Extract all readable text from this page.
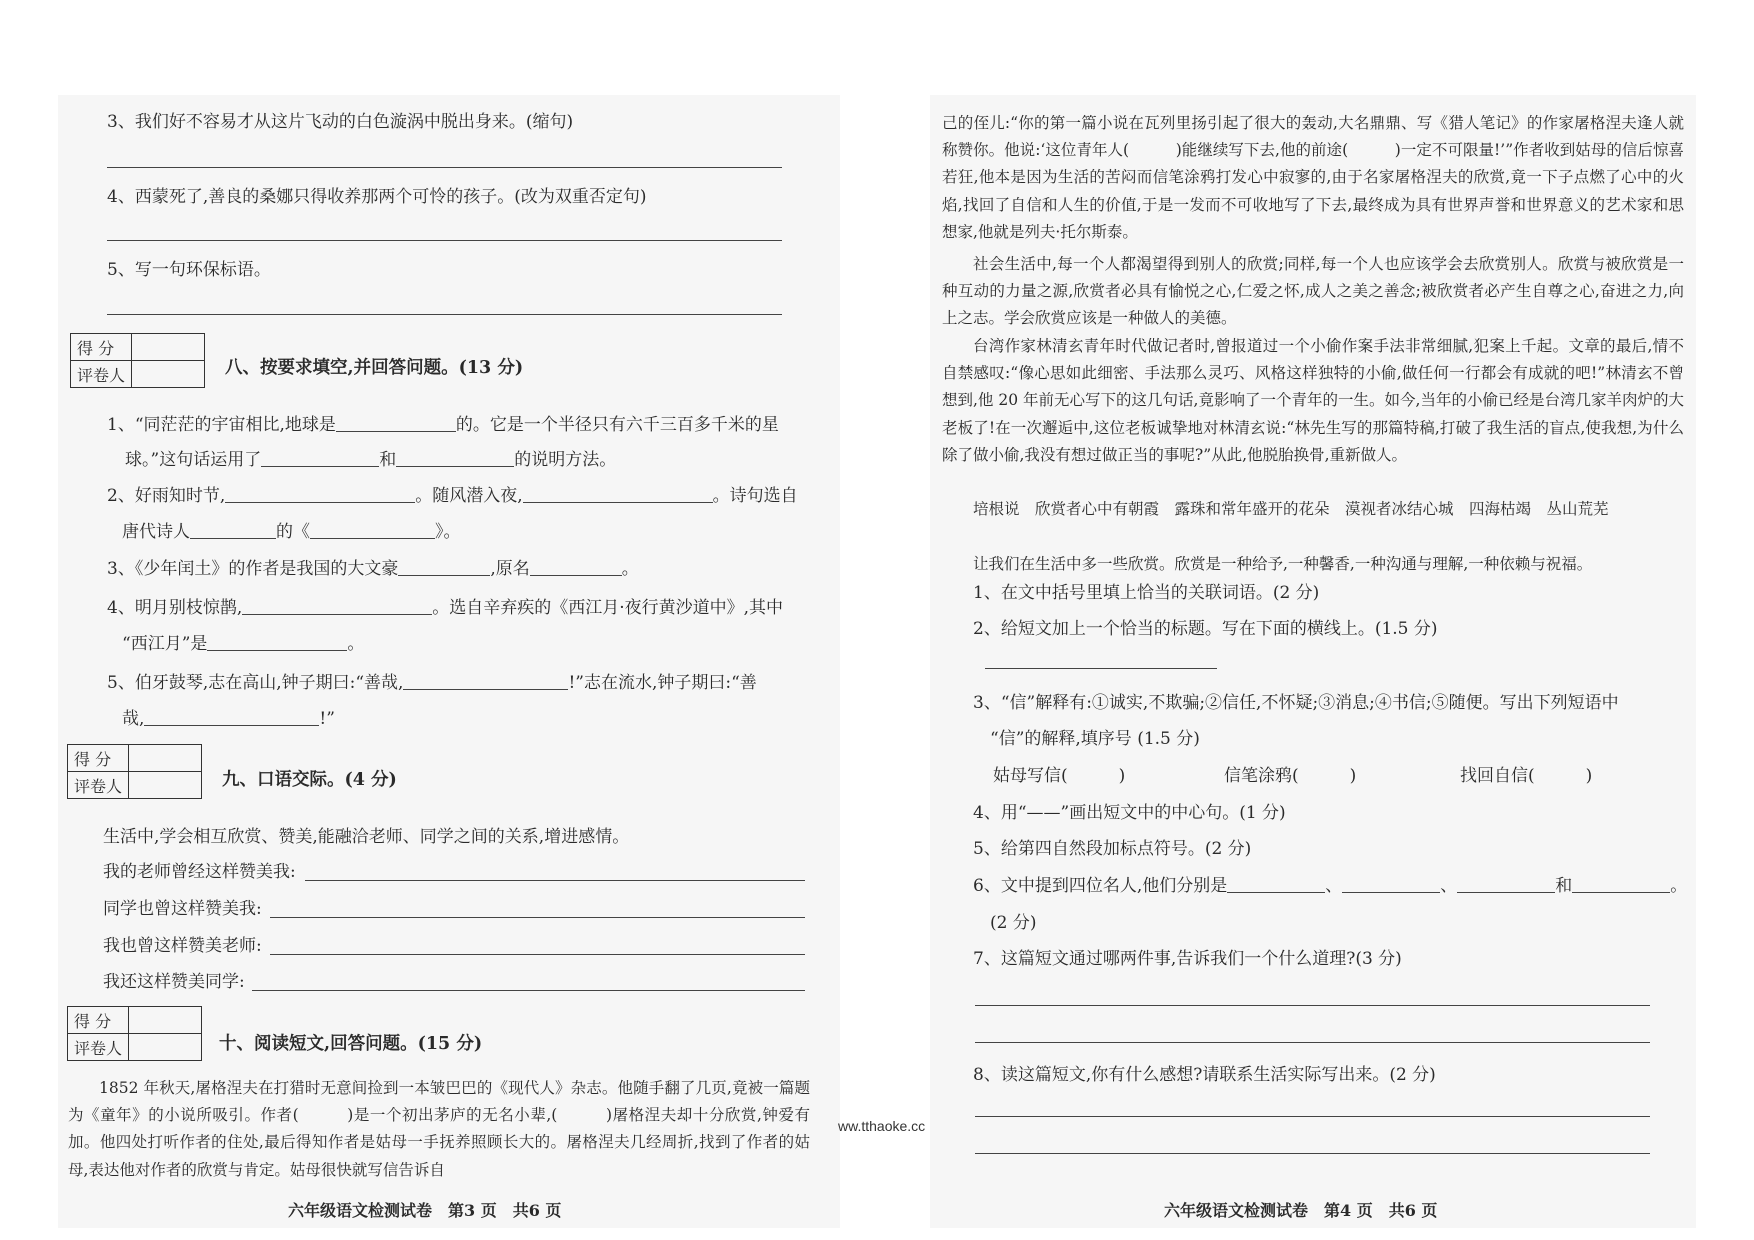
3、我们好不容易才从这片飞动的白色漩涡中脱出身来。(缩句)
4、西蒙死了,善良的桑娜只得收养那两个可怜的孩子。(改为双重否定句)
5、写一句环保标语。
得 分	
评卷人		八、按要求填空,并回答问题。(13 分)
1、“同茫茫的宇宙相比,地球是	的。它是一个半径只有六千三百多千米的星
球。”这句话运用了	和	的说明方法。
2、好雨知时节,	。随风潜入夜,	。诗句选自
唐代诗人	的《	》。
3、《少年闰土》的作者是我国的大文豪	,原名	。
4、明月别枝惊鹊,	。选自辛弃疾的《西江月·夜行黄沙道中》,其中
“西江月”是	。
5、伯牙鼓琴,志在高山,钟子期曰:“善哉,	!”志在流水,钟子期曰:“善
哉,	!”
得 分	
评卷人		九、口语交际。(4 分)
生活中,学会相互欣赏、赞美,能融洽老师、同学之间的关系,增进感情。
我的老师曾经这样赞美我:
同学也曾这样赞美我:
我也曾这样赞美老师:
我还这样赞美同学:
得 分	
评卷人		十、阅读短文,回答问题。(15 分)
1852 年秋天,屠格涅夫在打猎时无意间捡到一本皱巴巴的《现代人》杂志。他随手翻了几页,竟被一篇题为《童年》的小说所吸引。作者(　　　)是一个初出茅庐的无名小辈,(　　　)屠格涅夫却十分欣赏,钟爱有加。他四处打听作者的住处,最后得知作者是姑母一手抚养照顾长大的。屠格涅夫几经周折,找到了作者的姑母,表达他对作者的欣赏与肯定。姑母很快就写信告诉自
六年级语文检测试卷　第3 页　共6 页
ww.tthaoke.cc
己的侄儿:“你的第一篇小说在瓦列里扬引起了很大的轰动,大名鼎鼎、写《猎人笔记》的作家屠格涅夫逢人就称赞你。他说:‘这位青年人(　　　)能继续写下去,他的前途(　　　)一定不可限量!’”作者收到姑母的信后惊喜若狂,他本是因为生活的苦闷而信笔涂鸦打发心中寂寥的,由于名家屠格涅夫的欣赏,竟一下子点燃了心中的火焰,找回了自信和人生的价值,于是一发而不可收地写了下去,最终成为具有世界声誉和世界意义的艺术家和思想家,他就是列夫·托尔斯泰。
社会生活中,每一个人都渴望得到别人的欣赏;同样,每一个人也应该学会去欣赏别人。欣赏与被欣赏是一种互动的力量之源,欣赏者必具有愉悦之心,仁爱之怀,成人之美之善念;被欣赏者必产生自尊之心,奋进之力,向上之志。学会欣赏应该是一种做人的美德。
台湾作家林清玄青年时代做记者时,曾报道过一个小偷作案手法非常细腻,犯案上千起。文章的最后,情不自禁感叹:“像心思如此细密、手法那么灵巧、风格这样独特的小偷,做任何一行都会有成就的吧!”林清玄不曾想到,他 20 年前无心写下的这几句话,竟影响了一个青年的一生。如今,当年的小偷已经是台湾几家羊肉炉的大老板了!在一次邂逅中,这位老板诚挚地对林清玄说:“林先生写的那篇特稿,打破了我生活的盲点,使我想,为什么除了做小偷,我没有想过做正当的事呢?”从此,他脱胎换骨,重新做人。
培根说　欣赏者心中有朝霞　露珠和常年盛开的花朵　漠视者冰结心城　四海枯竭　丛山荒芜
让我们在生活中多一些欣赏。欣赏是一种给予,一种馨香,一种沟通与理解,一种依赖与祝福。
1、在文中括号里填上恰当的关联词语。(2 分)
2、给短文加上一个恰当的标题。写在下面的横线上。(1.5 分)
3、“信”解释有:①诚实,不欺骗;②信任,不怀疑;③消息;④书信;⑤随便。写出下列短语中
“信”的解释,填序号 (1.5 分)
姑母写信(　　　)	信笔涂鸦(　　　)	找回自信(　　　)
4、用“——”画出短文中的中心句。(1 分)
5、给第四自然段加标点符号。(2 分)
6、文中提到四位名人,他们分别是	、	、	和	。
(2 分)
7、这篇短文通过哪两件事,告诉我们一个什么道理?(3 分)
8、读这篇短文,你有什么感想?请联系生活实际写出来。(2 分)
六年级语文检测试卷　第4 页　共6 页
